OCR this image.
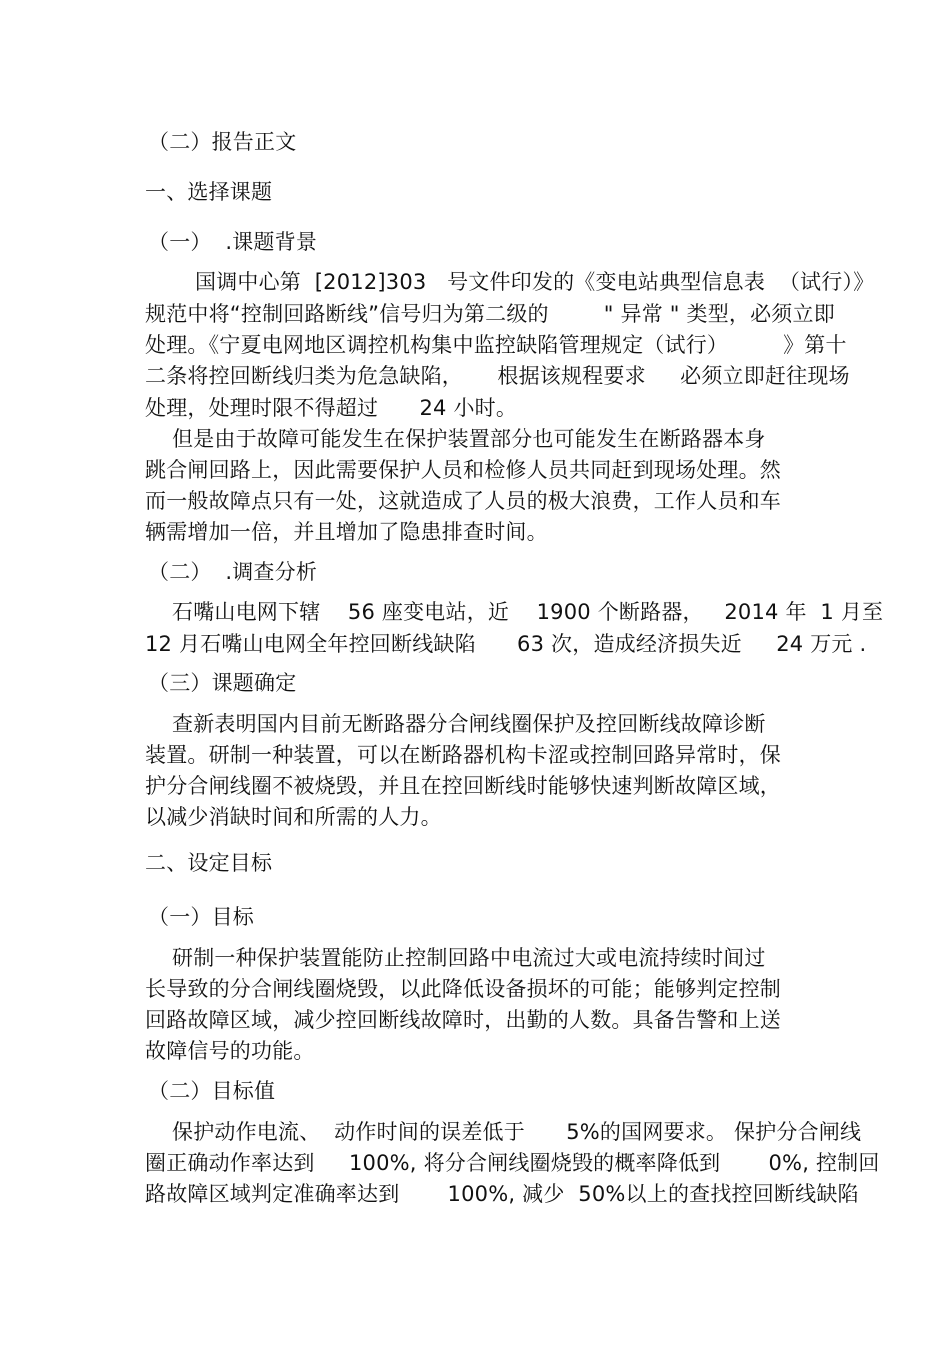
（二）报告正文
一、选择课题
（一）  .课题背景
国调中心第  [2012]303   号文件印发的《变电站典型信息表  （试行）》
规范中将“控制回路断线”信号归为第二级的        " 异常 " 类型，必须立即
处理。《宁夏电网地区调控机构集中监控缺陷管理规定（试行）        》第十
二条将控回断线归类为危急缺陷，     根据该规程要求     必须立即赶往现场
处理，处理时限不得超过      24 小时。
但是由于故障可能发生在保护装置部分也可能发生在断路器本身
跳合闸回路上，因此需要保护人员和检修人员共同赶到现场处理。然
而一般故障点只有一处，这就造成了人员的极大浪费，工作人员和车
辆需增加一倍，并且增加了隐患排查时间。
（二）  .调查分析
石嘴山电网下辖    56 座变电站，近    1900 个断路器，   2014 年  1 月至
12 月石嘴山电网全年控回断线缺陷      63 次，造成经济损失近     24 万元 .
（三）课题确定
查新表明国内目前无断路器分合闸线圈保护及控回断线故障诊断
装置。研制一种装置，可以在断路器机构卡涩或控制回路异常时，保
护分合闸线圈不被烧毁，并且在控回断线时能够快速判断故障区域，
以减少消缺时间和所需的人力。
二、设定目标
（一）目标
研制一种保护装置能防止控制回路中电流过大或电流持续时间过
长导致的分合闸线圈烧毁，以此降低设备损坏的可能；能够判定控制
回路故障区域，减少控回断线故障时，出勤的人数。具备告警和上送
故障信号的功能。
（二）目标值
保护动作电流、  动作时间的误差低于      5%的国网要求。 保护分合闸线
圈正确动作率达到     100%, 将分合闸线圈烧毁的概率降低到       0%, 控制回
路故障区域判定准确率达到       100%, 减少  50%以上的查找控回断线缺陷
